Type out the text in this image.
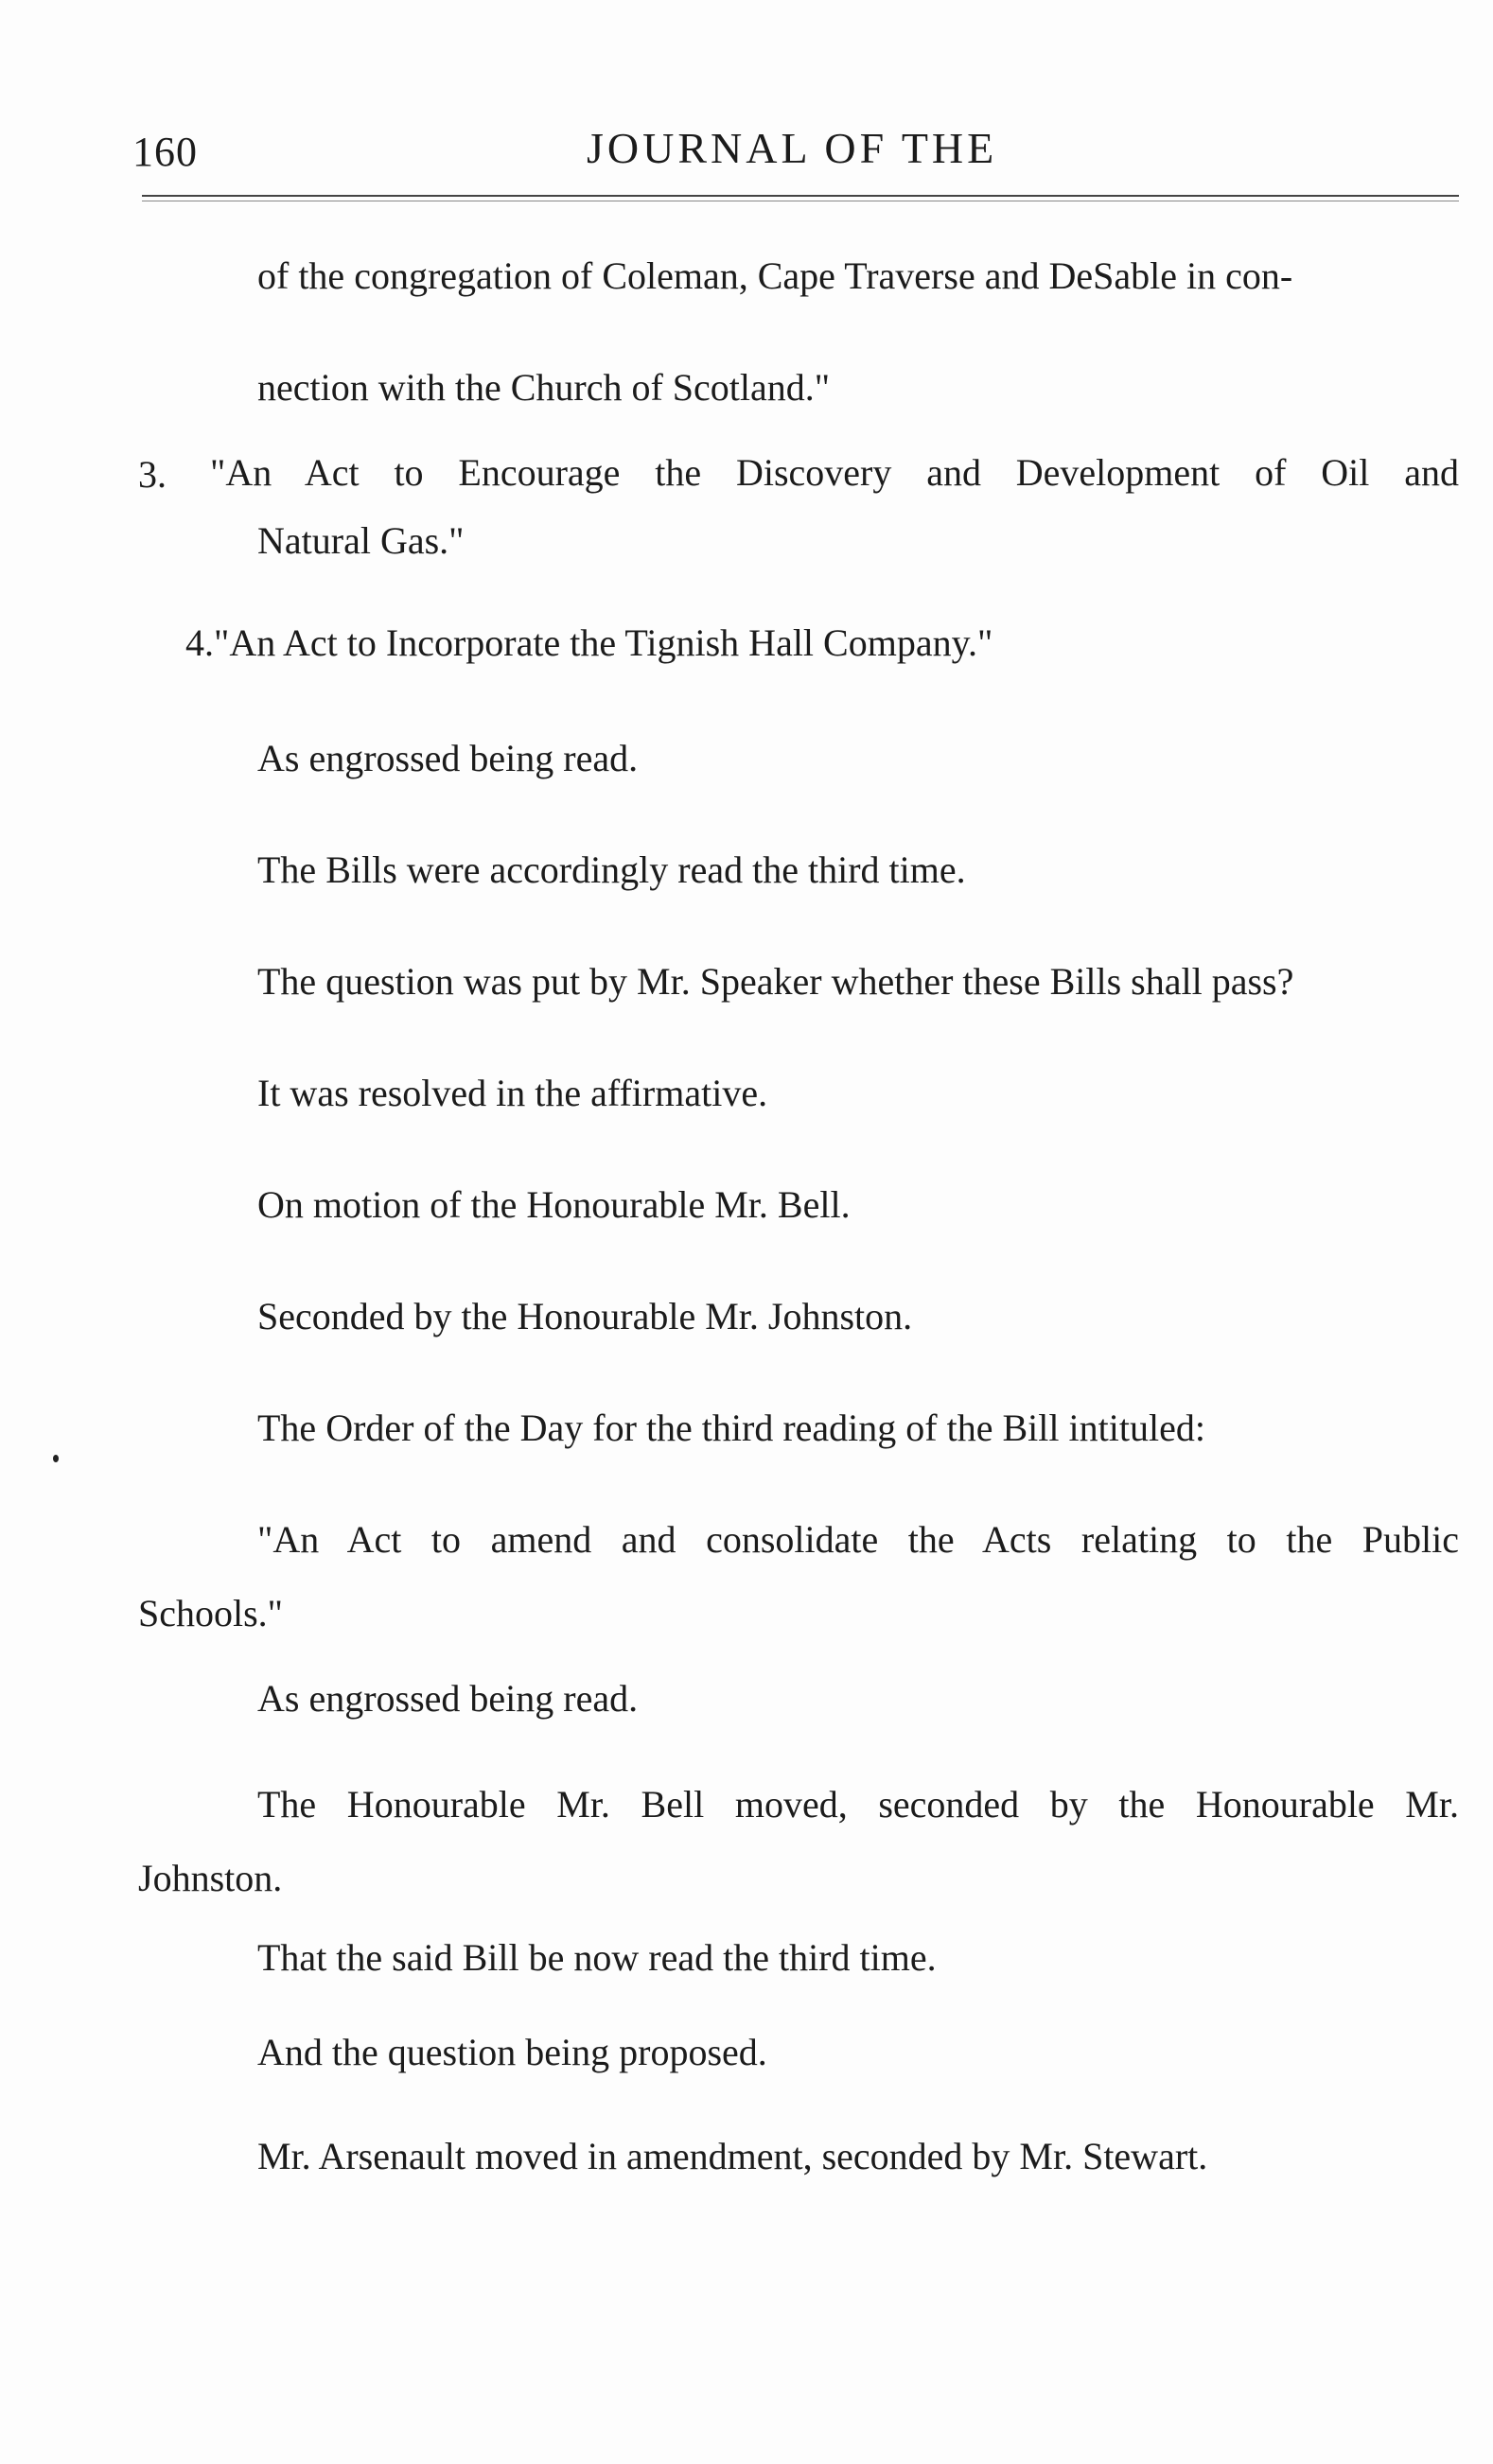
160	JOURNAL OF THE
of the congregation of Coleman, Cape Traverse and DeSable in con-
nection with the Church of Scotland."
3. "An Act to Encourage the Discovery and Development of Oil and
Natural Gas."
4."An Act to Incorporate the Tignish Hall Company."
As engrossed being read.
The Bills were accordingly read the third time.
The question was put by Mr. Speaker whether these Bills shall pass?
It was resolved in the affirmative.
On motion of the Honourable Mr. Bell.
Seconded by the Honourable Mr. Johnston.
The Order of the Day for the third reading of the Bill intituled:
"An Act to amend and consolidate the Acts relating to the Public
Schools."
As engrossed being read.
The Honourable Mr. Bell moved, seconded by the Honourable Mr.
Johnston.
That the said Bill be now read the third time.
And the question being proposed.
Mr. Arsenault moved in amendment, seconded by Mr. Stewart.
